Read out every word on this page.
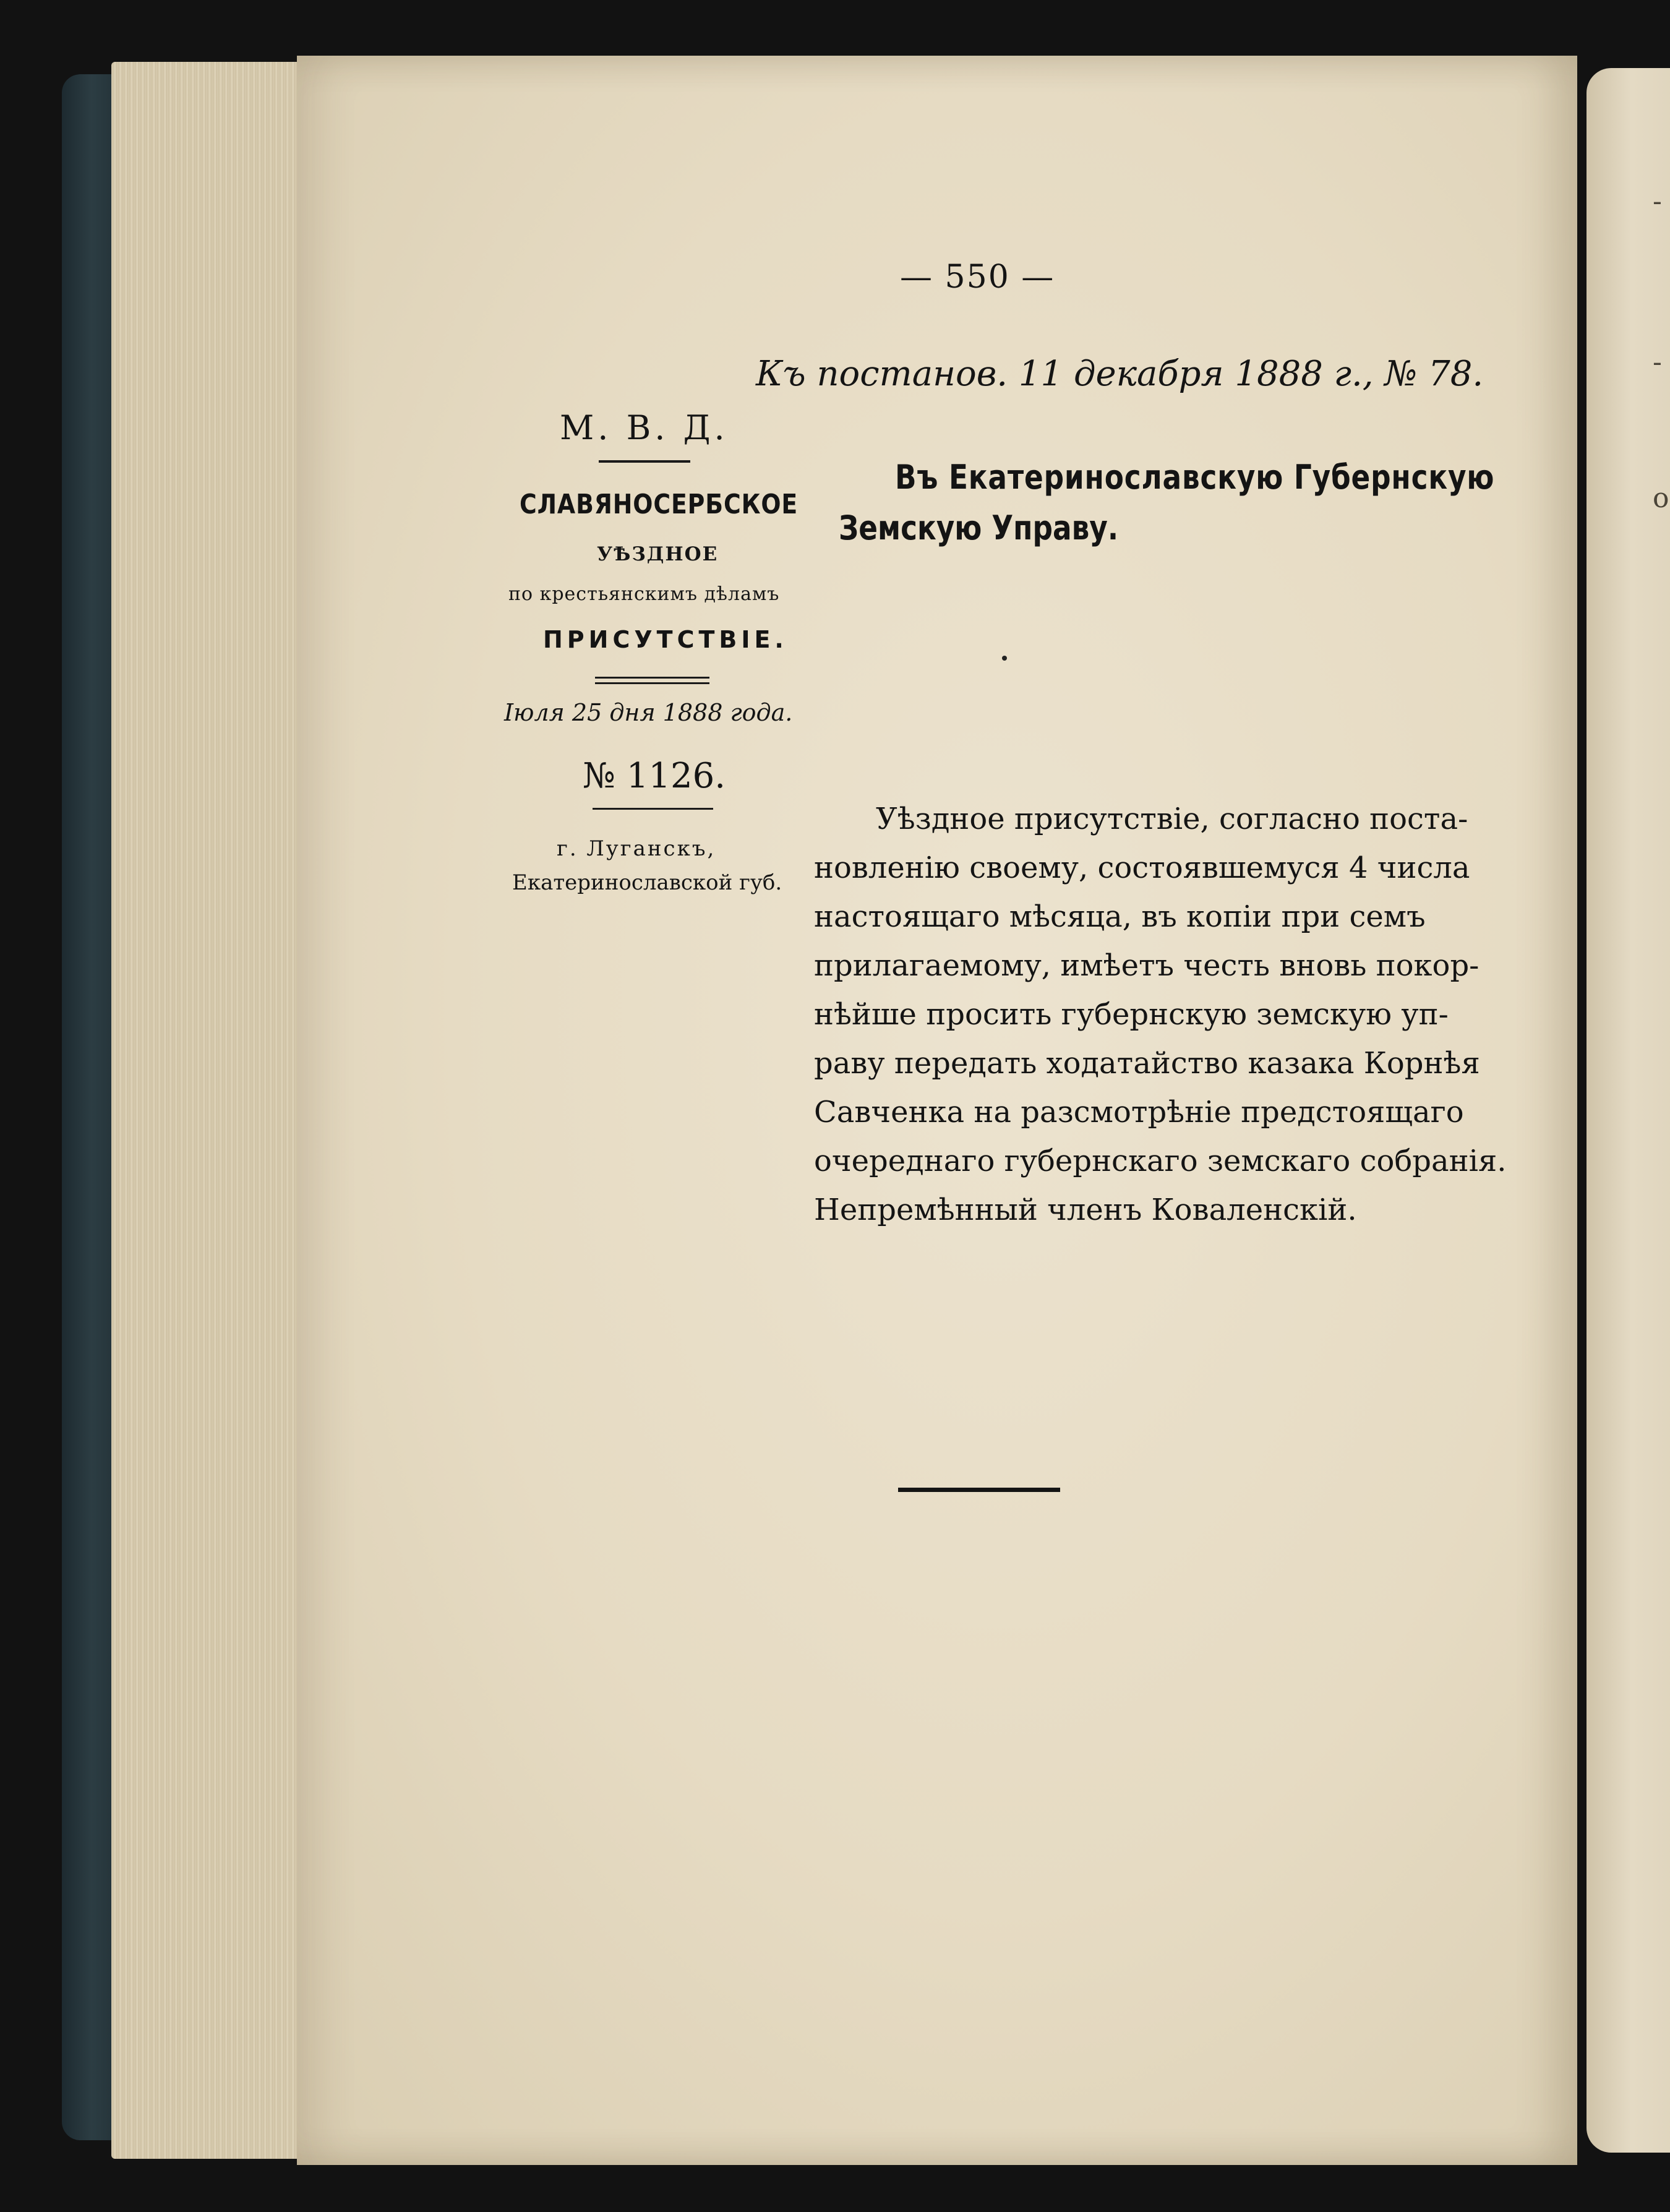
-
-
о

— 550 —

Къ постанов. 11 декабря 1888 г., № 78.

М. В. Д.

СЛАВЯНОСЕРБСКОЕ

УѢЗДНОЕ

по крестьянскимъ дѣламъ

ПРИСУТСТВІЕ.

Іюля 25 дня 1888 года.

№ 1126.

г. Луганскъ,

Екатеринославской губ.

Въ Екатеринославскую Губернскую

Земскую Управу.

Уѣздное присутствіе, согласно поста-

новленію своему, состоявшемуся 4 числа

настоящаго мѣсяца, въ копіи при семъ

прилагаемому, имѣетъ честь вновь покор-

нѣйше просить губернскую земскую уп-

раву передать ходатайство казака Корнѣя

Савченка на разсмотрѣніе предстоящаго

очереднаго губернскаго земскаго собранія.

Непремѣнный членъ Коваленскій.
